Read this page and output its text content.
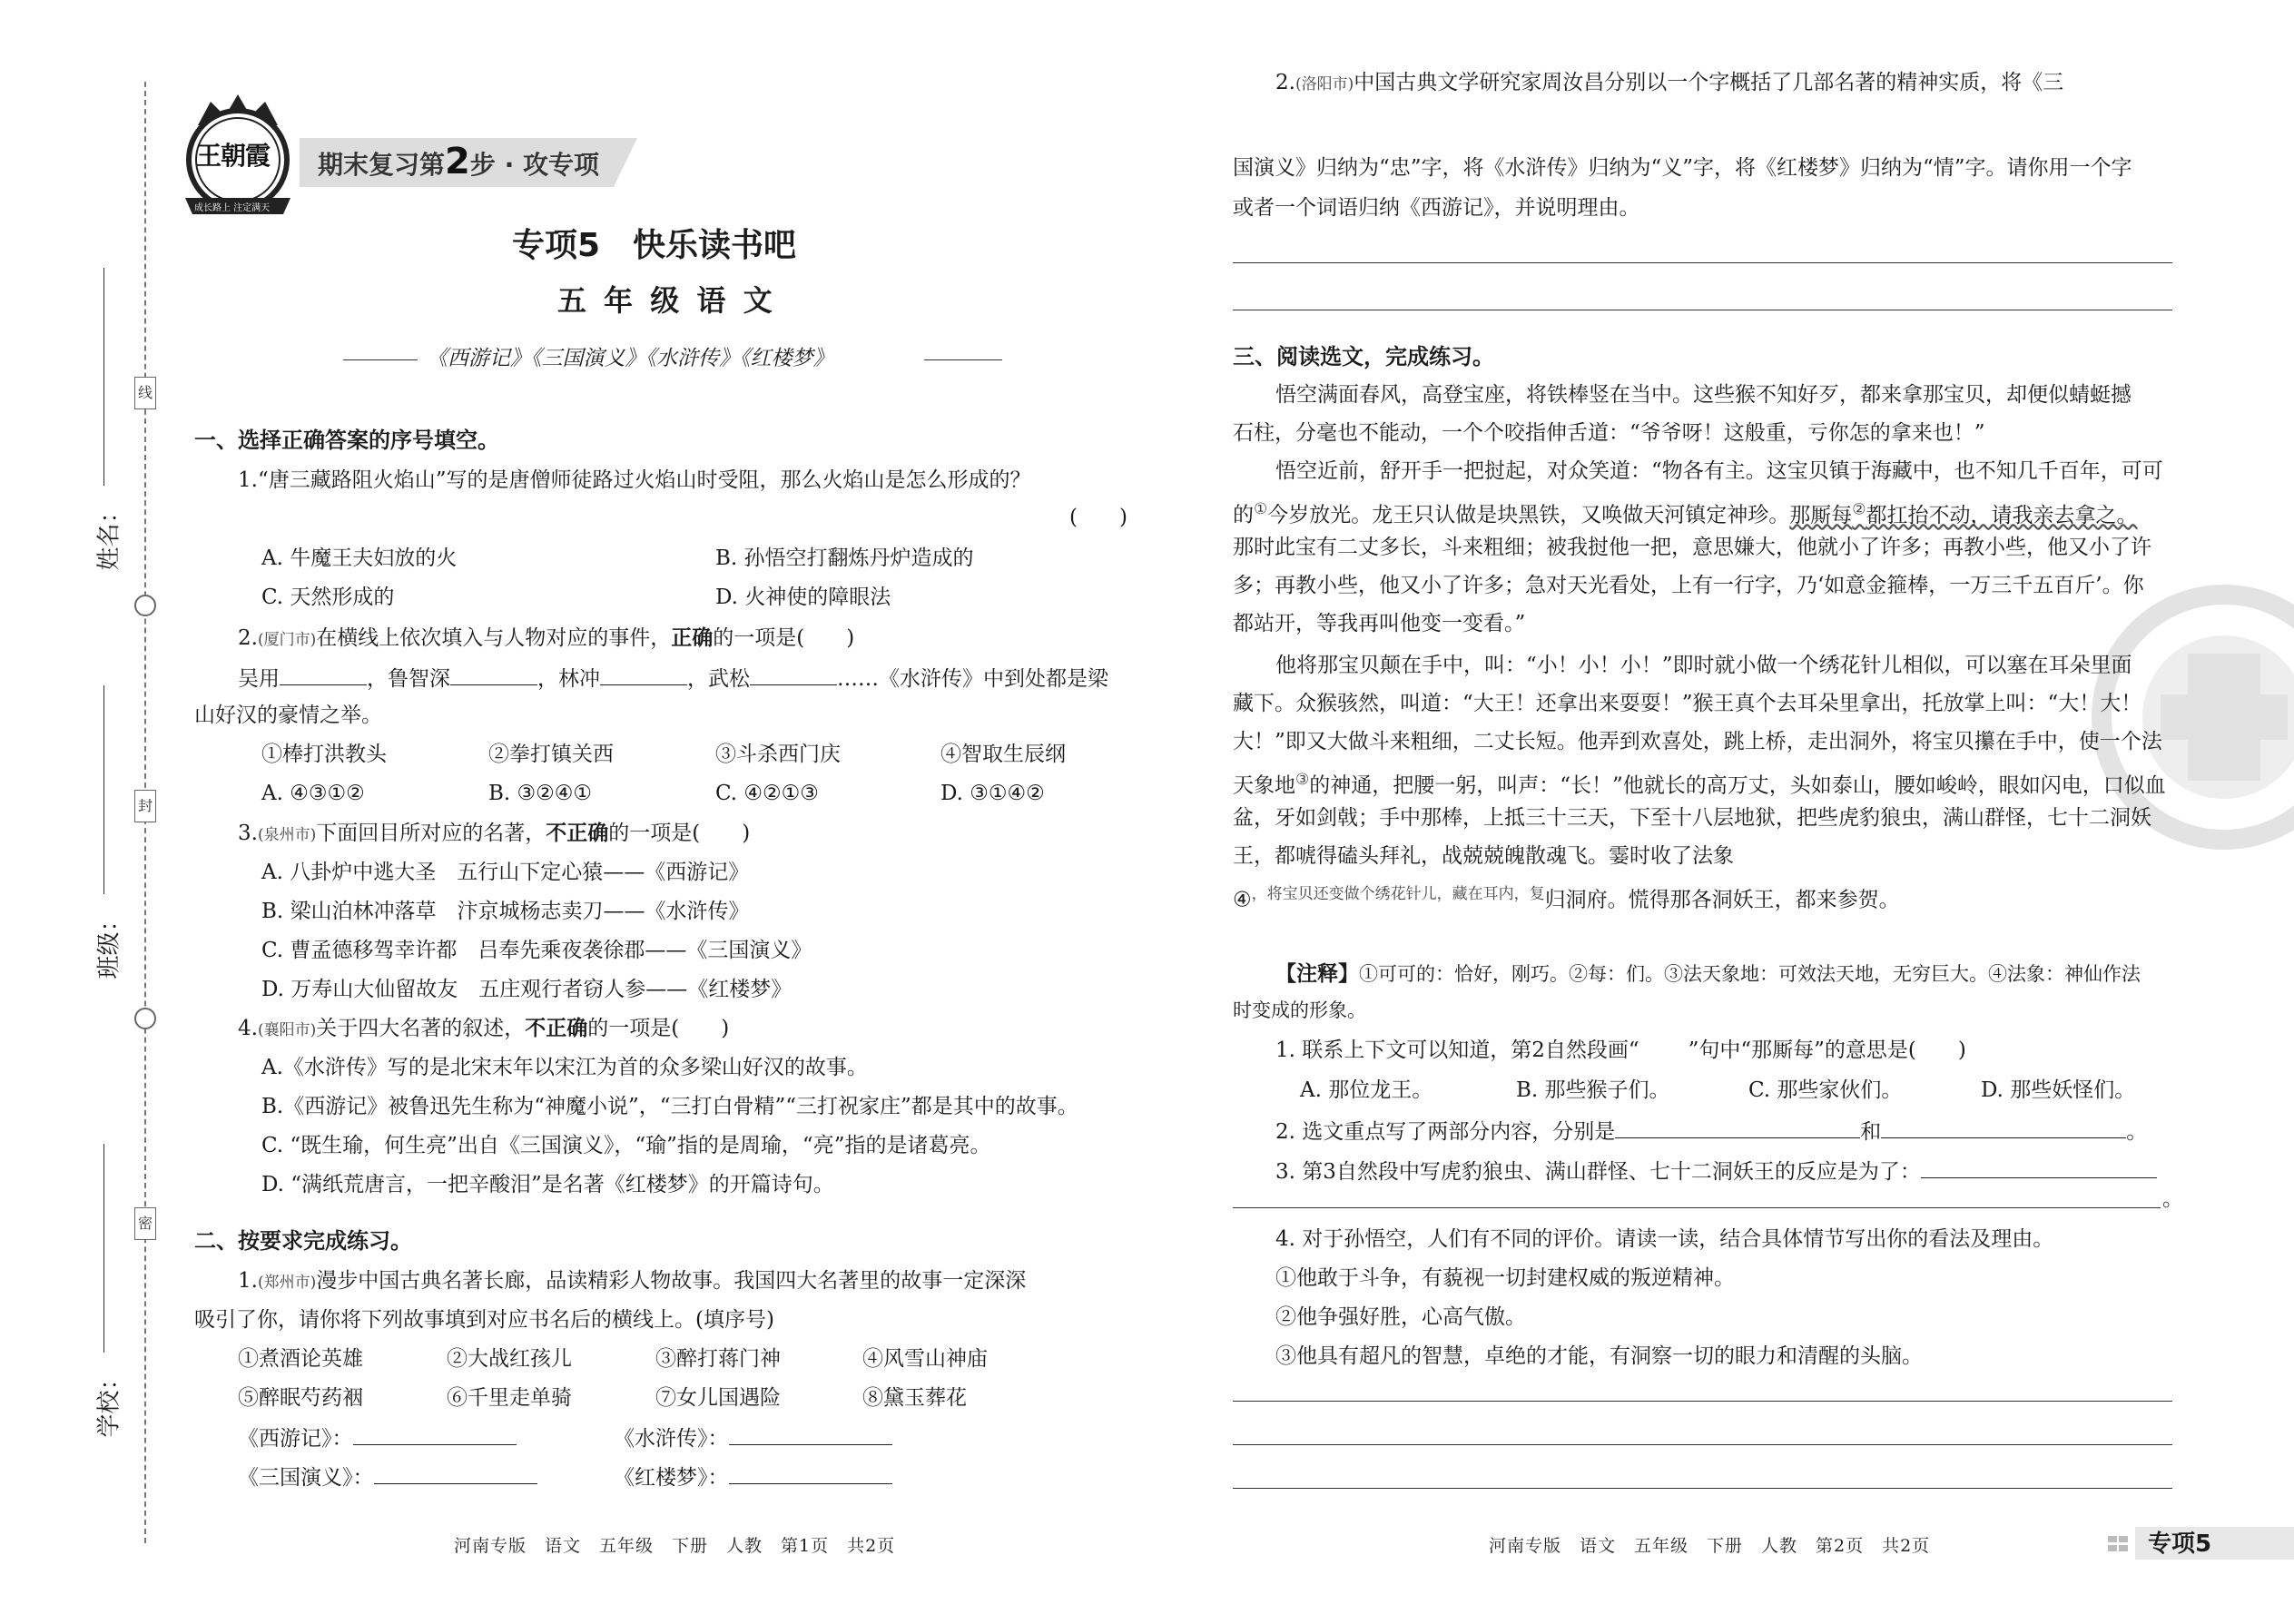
线
封
密
姓名：
班级：
学校：
王朝霞
成长路上 注定满天
期末复习第2步 · 攻专项
专项5　快乐读书吧
五 年 级 语 文
《西游记》《三国演义》《水浒传》《红楼梦》
一、选择正确答案的序号填空。
1.“唐三藏路阻火焰山”写的是唐僧师徒路过火焰山时受阻，那么火焰山是怎么形成的？
(　　)
A. 牛魔王夫妇放的火	B. 孙悟空打翻炼丹炉造成的
C. 天然形成的	D. 火神使的障眼法
2.(厦门市)在横线上依次填入与人物对应的事件，正确的一项是(　　)
吴用	，鲁智深	，林冲	，武松	……《水浒传》中到处都是梁
山好汉的豪情之举。
①棒打洪教头	②拳打镇关西	③斗杀西门庆	④智取生辰纲
A. ④③①②	B. ③②④①	C. ④②①③	D. ③①④②
3.(泉州市)下面回目所对应的名著，不正确的一项是(　　)
A. 八卦炉中逃大圣　五行山下定心猿——《西游记》
B. 梁山泊林冲落草　汴京城杨志卖刀——《水浒传》
C. 曹孟德移驾幸许都　吕奉先乘夜袭徐郡——《三国演义》
D. 万寿山大仙留故友　五庄观行者窃人参——《红楼梦》
4.(襄阳市)关于四大名著的叙述，不正确的一项是(　　)
A.《水浒传》写的是北宋末年以宋江为首的众多梁山好汉的故事。
B.《西游记》被鲁迅先生称为“神魔小说”，“三打白骨精”“三打祝家庄”都是其中的故事。
C. “既生瑜，何生亮”出自《三国演义》，“瑜”指的是周瑜，“亮”指的是诸葛亮。
D. “满纸荒唐言，一把辛酸泪”是名著《红楼梦》的开篇诗句。
二、按要求完成练习。
1.(郑州市)漫步中国古典名著长廊，品读精彩人物故事。我国四大名著里的故事一定深深
吸引了你，请你将下列故事填到对应书名后的横线上。(填序号)
①煮酒论英雄	②大战红孩儿	③醉打蒋门神	④风雪山神庙
⑤醉眠芍药裀	⑥千里走单骑	⑦女儿国遇险	⑧黛玉葬花
《西游记》：	《水浒传》：
《三国演义》：	《红楼梦》：
河南专版　语文　五年级　下册　人教　第1页　共2页
2.(洛阳市)中国古典文学研究家周汝昌分别以一个字概括了几部名著的精神实质，将《三
国演义》归纳为“忠”字，将《水浒传》归纳为“义”字，将《红楼梦》归纳为“情”字。请你用一个字
或者一个词语归纳《西游记》，并说明理由。
三、阅读选文，完成练习。
悟空满面春风，高登宝座，将铁棒竖在当中。这些猴不知好歹，都来拿那宝贝，却便似蜻蜓撼
石柱，分毫也不能动，一个个咬指伸舌道：“爷爷呀！这般重，亏你怎的拿来也！”
悟空近前，舒开手一把挝起，对众笑道：“物各有主。这宝贝镇于海藏中，也不知几千百年，可可
的①今岁放光。龙王只认做是块黑铁，又唤做天河镇定神珍。那厮每②都扛抬不动，请我亲去拿之。
那时此宝有二丈多长，斗来粗细；被我挝他一把，意思嫌大，他就小了许多；再教小些，他又小了许
多；再教小些，他又小了许多；急对天光看处，上有一行字，乃‘如意金箍棒，一万三千五百斤’。你
都站开，等我再叫他变一变看。”
他将那宝贝颠在手中，叫：“小！小！小！”即时就小做一个绣花针儿相似，可以塞在耳朵里面
藏下。众猴骇然，叫道：“大王！还拿出来耍耍！”猴王真个去耳朵里拿出，托放掌上叫：“大！大！
大！”即又大做斗来粗细，二丈长短。他弄到欢喜处，跳上桥，走出洞外，将宝贝攥在手中，使一个法
天象地③的神通，把腰一躬，叫声：“长！”他就长的高万丈，头如泰山，腰如峻岭，眼如闪电，口似血
盆，牙如剑戟；手中那棒，上抵三十三天，下至十八层地狱，把些虎豹狼虫，满山群怪，七十二洞妖
王，都唬得磕头拜礼，战兢兢魄散魂飞。霎时收了法象
④$^{,将宝贝还变做个绣花针儿,藏在耳内,复}$归洞府。慌得那各洞妖王，都来参贺。
【注释】①可可的：恰好，刚巧。②每：们。③法天象地：可效法天地，无穷巨大。④法象：神仙作法
时变成的形象。
1. 联系上下文可以知道，第2自然段画“ ”句中“那厮每”的意思是(　　)
A. 那位龙王。	B. 那些猴子们。	C. 那些家伙们。	D. 那些妖怪们。
2. 选文重点写了两部分内容，分别是	和	。
3. 第3自然段中写虎豹狼虫、满山群怪、七十二洞妖王的反应是为了：
。
4. 对于孙悟空，人们有不同的评价。请读一读，结合具体情节写出你的看法及理由。
①他敢于斗争，有藐视一切封建权威的叛逆精神。
②他争强好胜，心高气傲。
③他具有超凡的智慧，卓绝的才能，有洞察一切的眼力和清醒的头脑。
河南专版　语文　五年级　下册　人教　第2页　共2页	专项5
